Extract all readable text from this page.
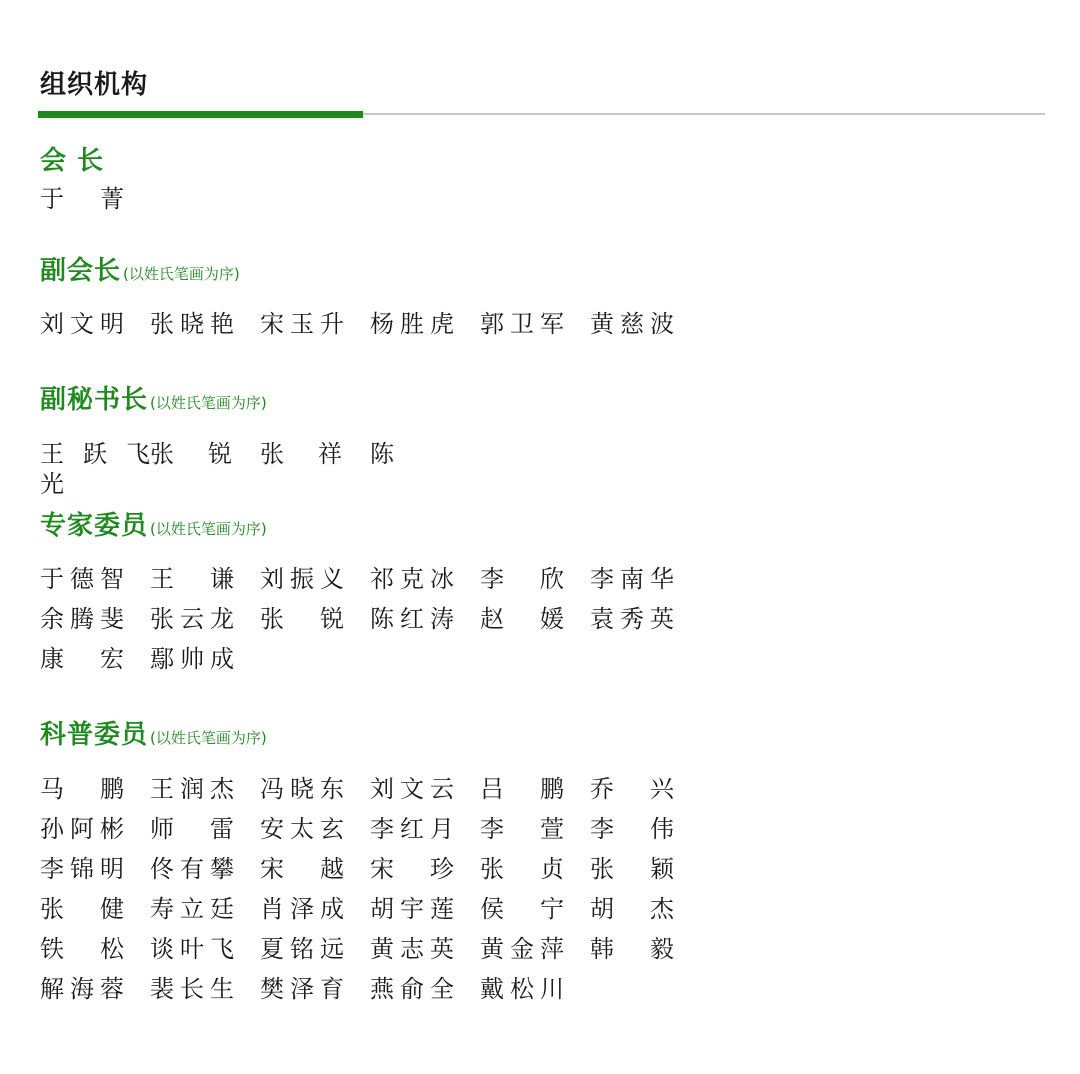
组织机构
会 长
于 菁
副会长 (以姓氏笔画为序)
刘 文 明 张 晓 艳 宋 玉 升 杨 胜 虎 郭 卫 军 黄 慈 波
副秘书长 (以姓氏笔画为序)
王 跃 飞 张 锐 张 祥 陈
光
专家委员 (以姓氏笔画为序)
于 德 智 王 谦 刘 振 义 祁 克 冰 李 欣 李 南 华
余 腾 斐 张 云 龙 张 锐 陈 红 涛 赵 媛 袁 秀 英
康 宏 鄢 帅 成
科普委员 (以姓氏笔画为序)
马 鹏 王 润 杰 冯 晓 东 刘 文 云 吕 鹏 乔 兴
孙 阿 彬 师 雷 安 太 玄 李 红 月 李 萱 李 伟
李 锦 明 佟 有 攀 宋 越 宋 珍 张 贞 张 颖
张 健 寿 立 廷 肖 泽 成 胡 宇 莲 侯 宁 胡 杰
铁 松 谈 叶 飞 夏 铭 远 黄 志 英 黄 金 萍 韩 毅
解 海 蓉 裴 长 生 樊 泽 育 燕 俞 全 戴 松 川
